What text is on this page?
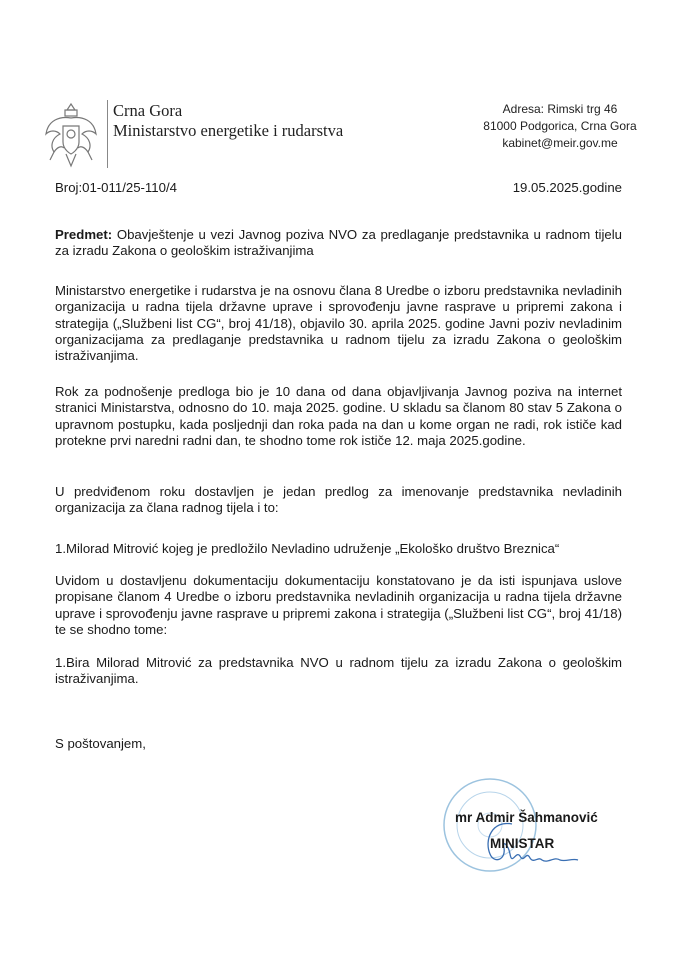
Crna Gora
Ministarstvo energetike i rudarstva
Adresa: Rimski trg 46
81000 Podgorica, Crna Gora
kabinet@meir.gov.me
Broj:01-011/25-110/4	19.05.2025.godine
Predmet: Obavještenje u vezi Javnog poziva NVO za predlaganje predstavnika u radnom tijelu za izradu Zakona o geološkim istraživanjima
Ministarstvo energetike i rudarstva je na osnovu člana 8 Uredbe o izboru predstavnika nevladinih organizacija u radna tijela državne uprave i sprovođenju javne rasprave u pripremi zakona i strategija („Službeni list CG“, broj 41/18), objavilo 30. aprila 2025. godine Javni poziv nevladinim organizacijama za predlaganje predstavnika u radnom tijelu za izradu Zakona o geološkim istraživanjima.
Rok za podnošenje predloga bio je 10 dana od dana objavljivanja Javnog poziva na internet stranici Ministarstva, odnosno do 10. maja 2025. godine. U skladu sa članom 80 stav 5 Zakona o upravnom postupku, kada posljednji dan roka pada na dan u kome organ ne radi, rok ističe kad protekne prvi naredni radni dan, te shodno tome rok ističe 12. maja 2025.godine.
U predviđenom roku dostavljen je jedan predlog za imenovanje predstavnika nevladinih organizacija za člana radnog tijela i to:
1.Milorad Mitrović kojeg je predložilo Nevladino udruženje „Ekološko društvo Breznica“
Uvidom u dostavljenu dokumentaciju dokumentaciju konstatovano je da isti ispunjava uslove propisane članom 4 Uredbe o izboru predstavnika nevladinih organizacija u radna tijela državne uprave i sprovođenju javne rasprave u pripremi zakona i strategija („Službeni list CG“, broj 41/18) te se shodno tome:
1.Bira Milorad Mitrović za predstavnika NVO u radnom tijelu za izradu Zakona o geološkim istraživanjima.
S poštovanjem,
mr Admir Šahmanović
MINISTAR
